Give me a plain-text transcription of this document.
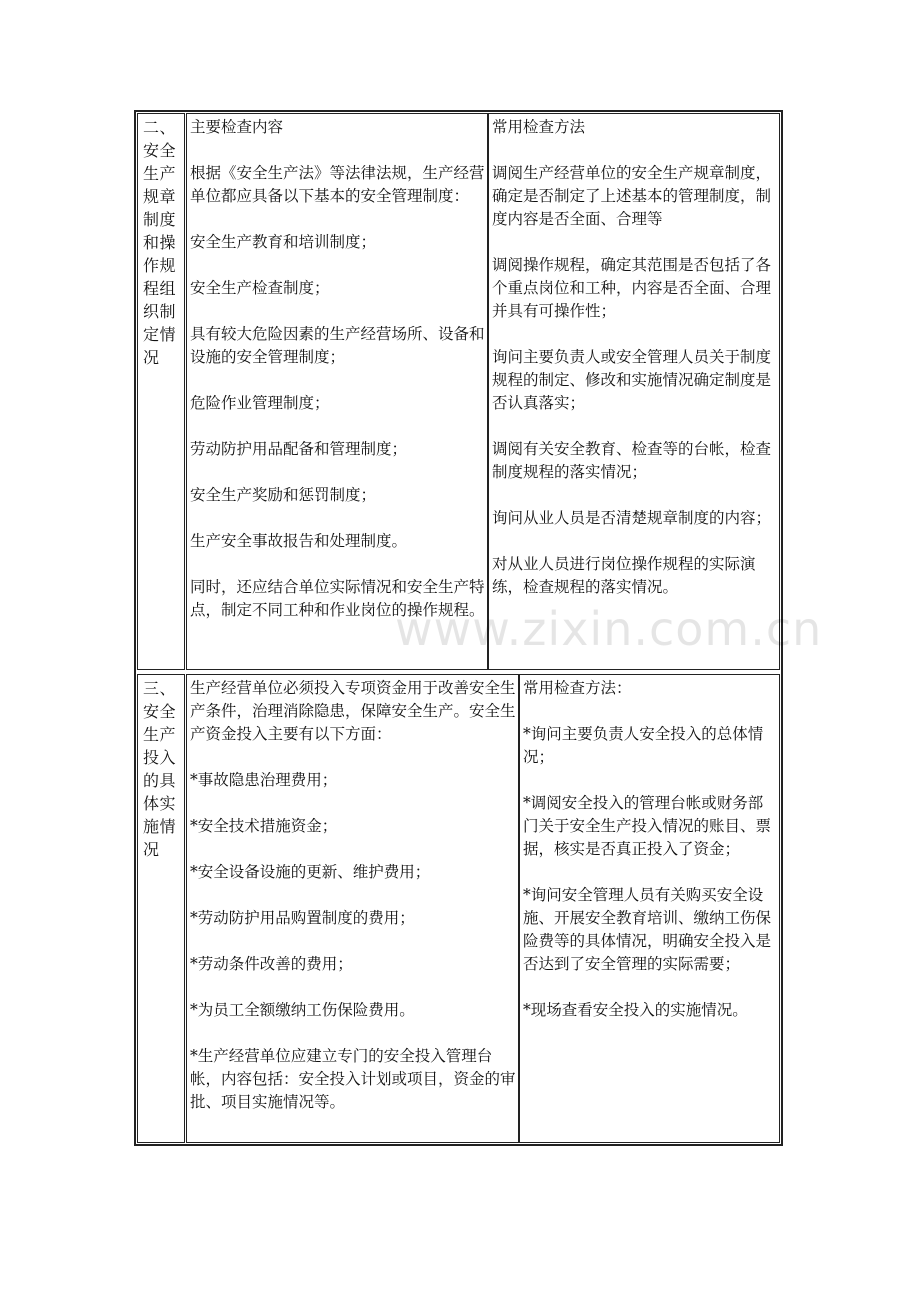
二、安全生产规章制度和操作规程组织制定情况

主要检查内容

根据《安全生产法》等法律法规，生产经营单位都应具备以下基本的安全管理制度：

安全生产教育和培训制度；

安全生产检查制度；

具有较大危险因素的生产经营场所、设备和设施的安全管理制度；

危险作业管理制度；

劳动防护用品配备和管理制度；

安全生产奖励和惩罚制度；

生产安全事故报告和处理制度。

同时，还应结合单位实际情况和安全生产特点，制定不同工种和作业岗位的操作规程。

常用检查方法

调阅生产经营单位的安全生产规章制度，确定是否制定了上述基本的管理制度，制度内容是否全面、合理等

调阅操作规程，确定其范围是否包括了各个重点岗位和工种，内容是否全面、合理并具有可操作性；

询问主要负责人或安全管理人员关于制度规程的制定、修改和实施情况确定制度是否认真落实；

调阅有关安全教育、检查等的台帐，检查制度规程的落实情况；

询问从业人员是否清楚规章制度的内容；

对从业人员进行岗位操作规程的实际演练，检查规程的落实情况。

三、安全生产投入的具体实施情况

生产经营单位必须投入专项资金用于改善安全生产条件，治理消除隐患，保障安全生产。安全生产资金投入主要有以下方面：

*事故隐患治理费用；

*安全技术措施资金；

*安全设备设施的更新、维护费用；

*劳动防护用品购置制度的费用；

*劳动条件改善的费用；

*为员工全额缴纳工伤保险费用。

*生产经营单位应建立专门的安全投入管理台帐，内容包括：安全投入计划或项目，资金的审批、项目实施情况等。

常用检查方法：

*询问主要负责人安全投入的总体情况；

*调阅安全投入的管理台帐或财务部门关于安全生产投入情况的账目、票据，核实是否真正投入了资金；

*询问安全管理人员有关购买安全设施、开展安全教育培训、缴纳工伤保险费等的具体情况，明确安全投入是否达到了安全管理的实际需要；

*现场查看安全投入的实施情况。

www.zixin.com.cn
